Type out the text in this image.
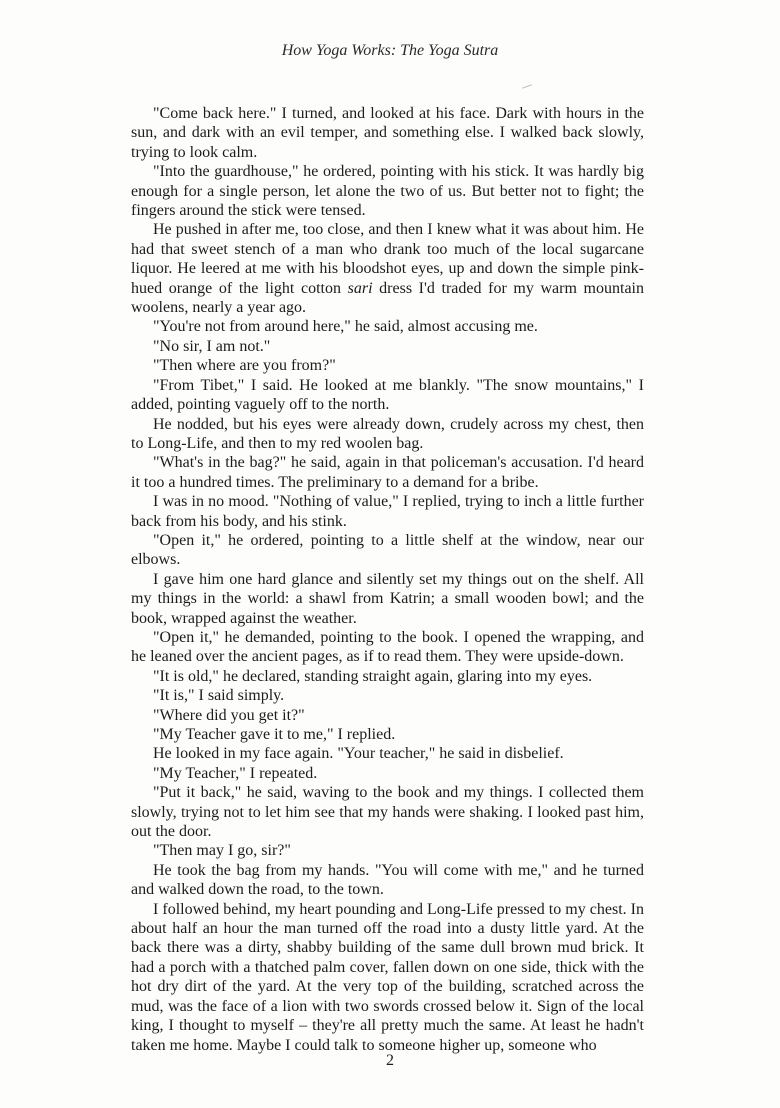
How Yoga Works: The Yoga Sutra

"Come back here." I turned, and looked at his face. Dark with hours in the sun, and dark with an evil temper, and something else. I walked back slowly, trying to look calm.

"Into the guardhouse," he ordered, pointing with his stick. It was hardly big enough for a single person, let alone the two of us. But better not to fight; the fingers around the stick were tensed.

He pushed in after me, too close, and then I knew what it was about him. He had that sweet stench of a man who drank too much of the local sugarcane liquor. He leered at me with his bloodshot eyes, up and down the simple pink-hued orange of the light cotton sari dress I'd traded for my warm mountain woolens, nearly a year ago.

"You're not from around here," he said, almost accusing me.

"No sir, I am not."

"Then where are you from?"

"From Tibet," I said. He looked at me blankly. "The snow mountains," I added, pointing vaguely off to the north.

He nodded, but his eyes were already down, crudely across my chest, then to Long-Life, and then to my red woolen bag.

"What's in the bag?" he said, again in that policeman's accusation. I'd heard it too a hundred times. The preliminary to a demand for a bribe.

I was in no mood. "Nothing of value," I replied, trying to inch a little further back from his body, and his stink.

"Open it," he ordered, pointing to a little shelf at the window, near our elbows.

I gave him one hard glance and silently set my things out on the shelf. All my things in the world: a shawl from Katrin; a small wooden bowl; and the book, wrapped against the weather.

"Open it," he demanded, pointing to the book. I opened the wrapping, and he leaned over the ancient pages, as if to read them. They were upside-down.

"It is old," he declared, standing straight again, glaring into my eyes.

"It is," I said simply.

"Where did you get it?"

"My Teacher gave it to me," I replied.

He looked in my face again. "Your teacher," he said in disbelief.

"My Teacher," I repeated.

"Put it back," he said, waving to the book and my things. I collected them slowly, trying not to let him see that my hands were shaking. I looked past him, out the door.

"Then may I go, sir?"

He took the bag from my hands. "You will come with me," and he turned and walked down the road, to the town.

I followed behind, my heart pounding and Long-Life pressed to my chest. In about half an hour the man turned off the road into a dusty little yard. At the back there was a dirty, shabby building of the same dull brown mud brick. It had a porch with a thatched palm cover, fallen down on one side, thick with the hot dry dirt of the yard. At the very top of the building, scratched across the mud, was the face of a lion with two swords crossed below it. Sign of the local king, I thought to myself – they're all pretty much the same. At least he hadn't taken me home. Maybe I could talk to someone higher up, someone who

2
